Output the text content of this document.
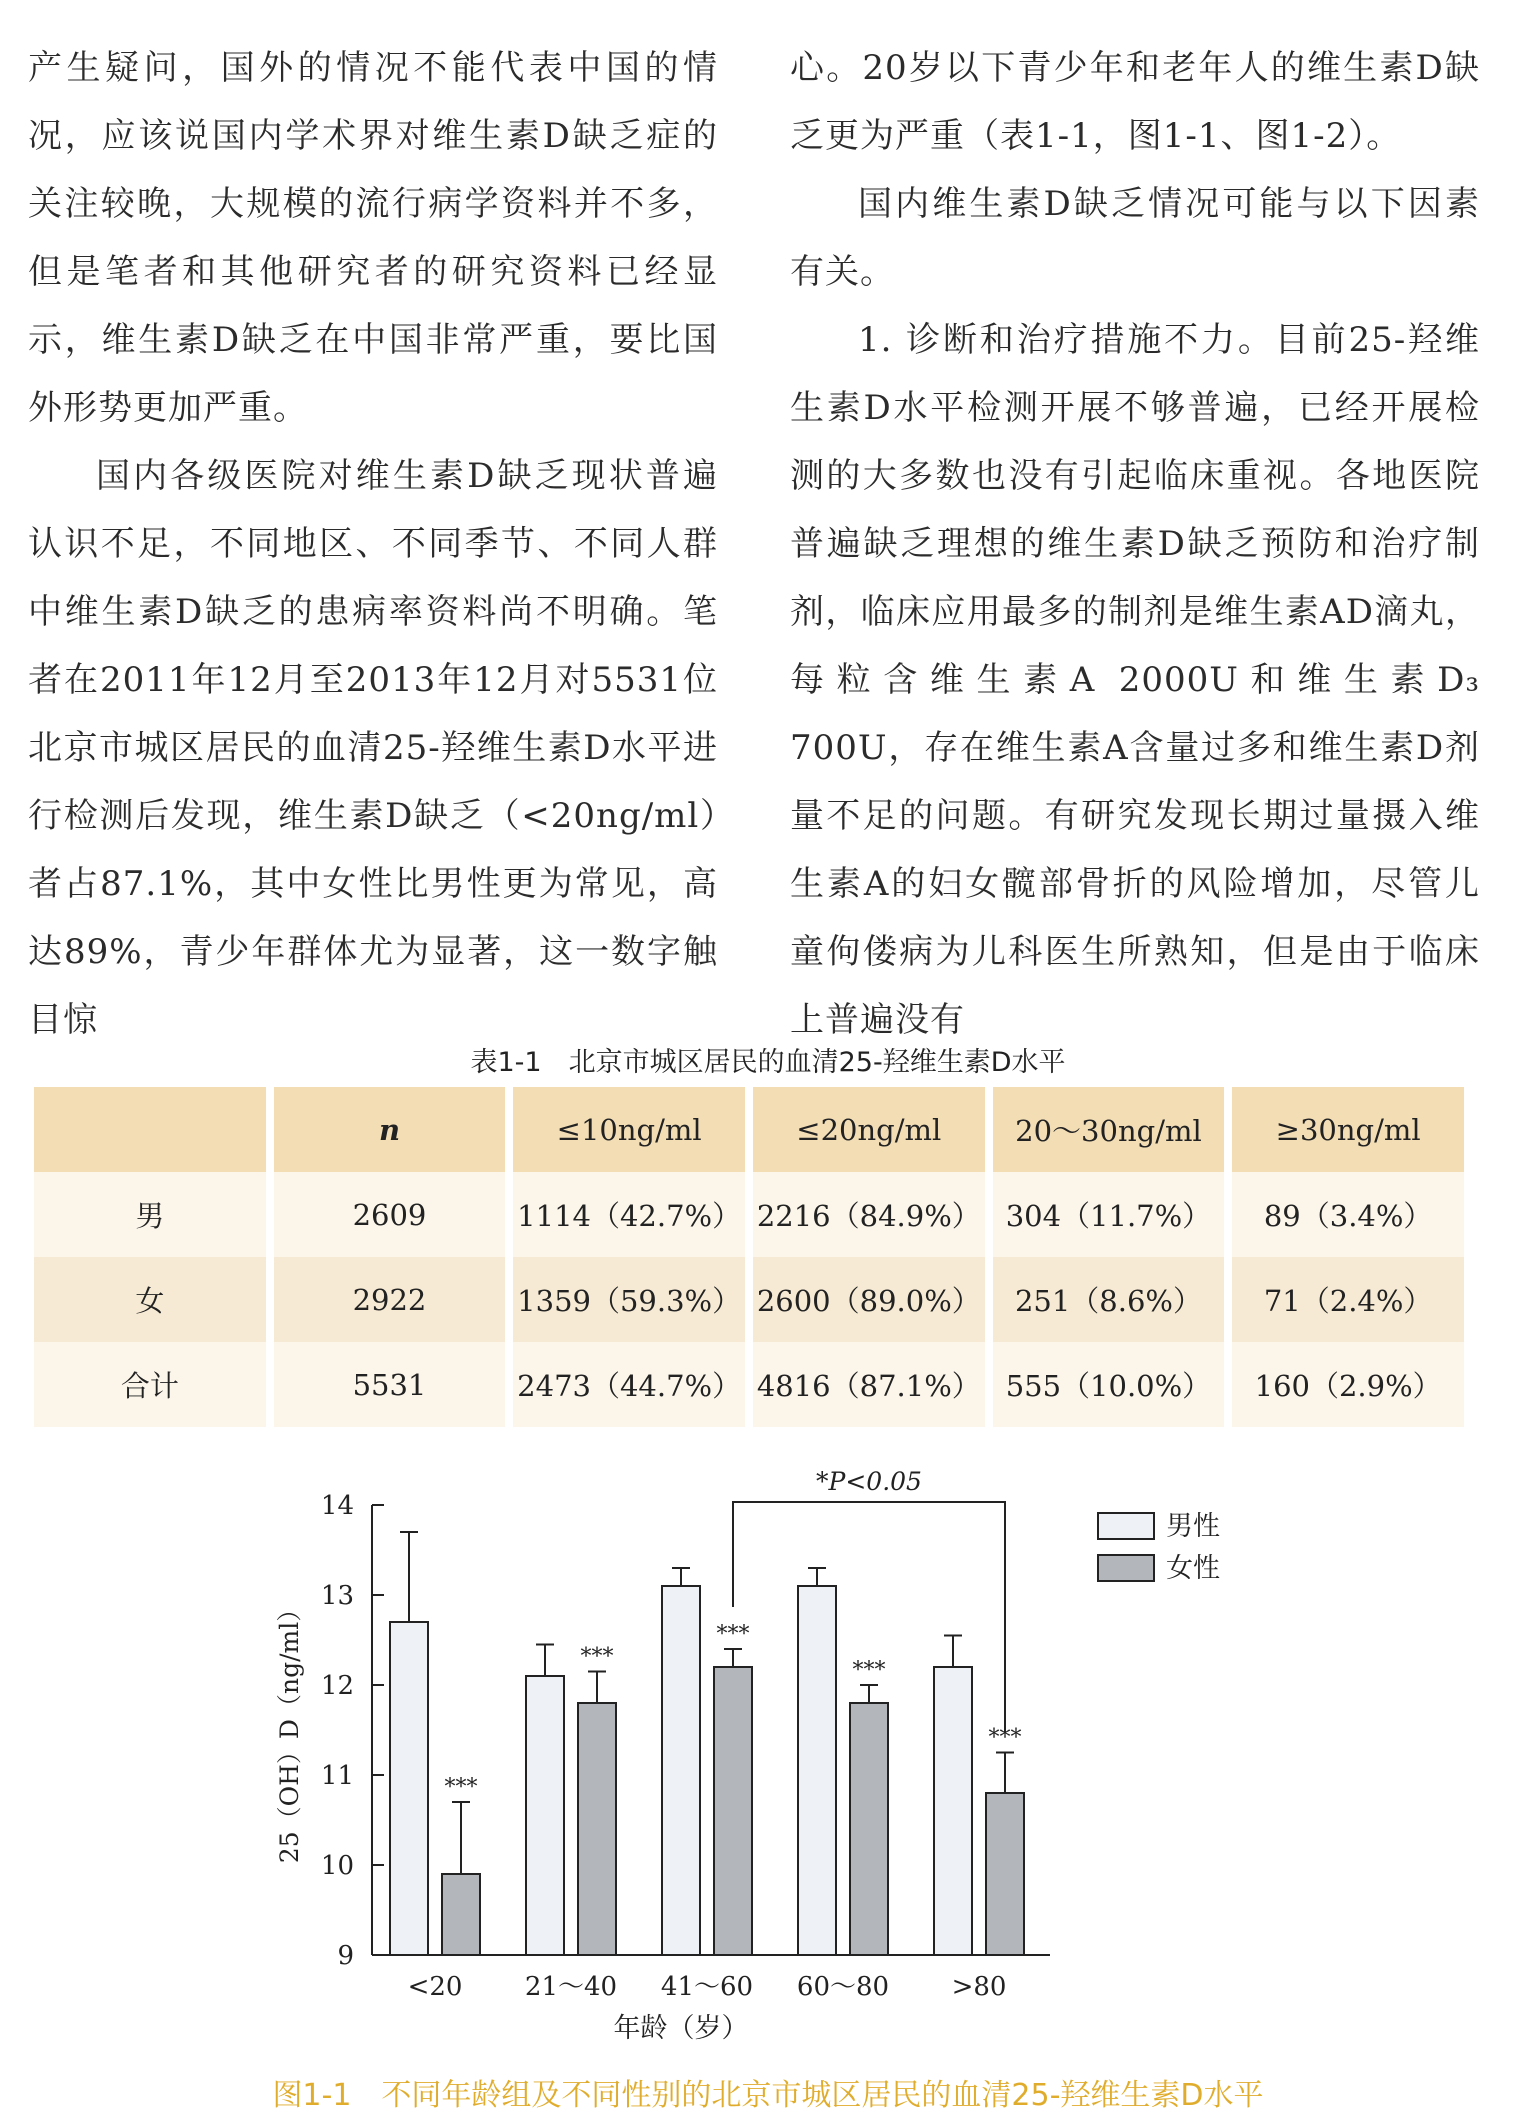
产生疑问，国外的情况不能代表中国的情况，应该说国内学术界对维生素D缺乏症的关注较晚，大规模的流行病学资料并不多，但是笔者和其他研究者的研究资料已经显示，维生素D缺乏在中国非常严重，要比国外形势更加严重。

国内各级医院对维生素D缺乏现状普遍认识不足，不同地区、不同季节、不同人群中维生素D缺乏的患病率资料尚不明确。笔者在2011年12月至2013年12月对5531位北京市城区居民的血清25-羟维生素D水平进行检测后发现，维生素D缺乏（<20ng/ml）者占87.1%，其中女性比男性更为常见，高达89%，青少年群体尤为显著，这一数字触目惊

心。20岁以下青少年和老年人的维生素D缺乏更为严重（表1-1，图1-1、图1-2）。

国内维生素D缺乏情况可能与以下因素有关。

1. 诊断和治疗措施不力。目前25-羟维生素D水平检测开展不够普遍，已经开展检测的大多数也没有引起临床重视。各地医院普遍缺乏理想的维生素D缺乏预防和治疗制剂，临床应用最多的制剂是维生素AD滴丸，每粒含维生素A 2000U和维生素D₃ 700U，存在维生素A含量过多和维生素D剂量不足的问题。有研究发现长期过量摄入维生素A的妇女髋部骨折的风险增加，尽管儿童佝偻病为儿科医生所熟知，但是由于临床上普遍没有

表1-1　北京市城区居民的血清25-羟维生素D水平
	n	≤10ng/ml	≤20ng/ml	20～30ng/ml	≥30ng/ml
男	2609	1114（42.7%）	2216（84.9%）	304（11.7%）	89（3.4%）
女	2922	1359（59.3%）	2600（89.0%）	251（8.6%）	71（2.4%）
合计	5531	2473（44.7%）	4816（87.1%）	555（10.0%）	160（2.9%）
9
10
11
12
13
14
25（OH）D（ng/ml）	***
<20
***
21～40
***
41～60
***
60～80
***
>80
年龄（岁）
*P<0.05
男性
女性
图1-1　不同年龄组及不同性别的北京市城区居民的血清25-羟维生素D水平
